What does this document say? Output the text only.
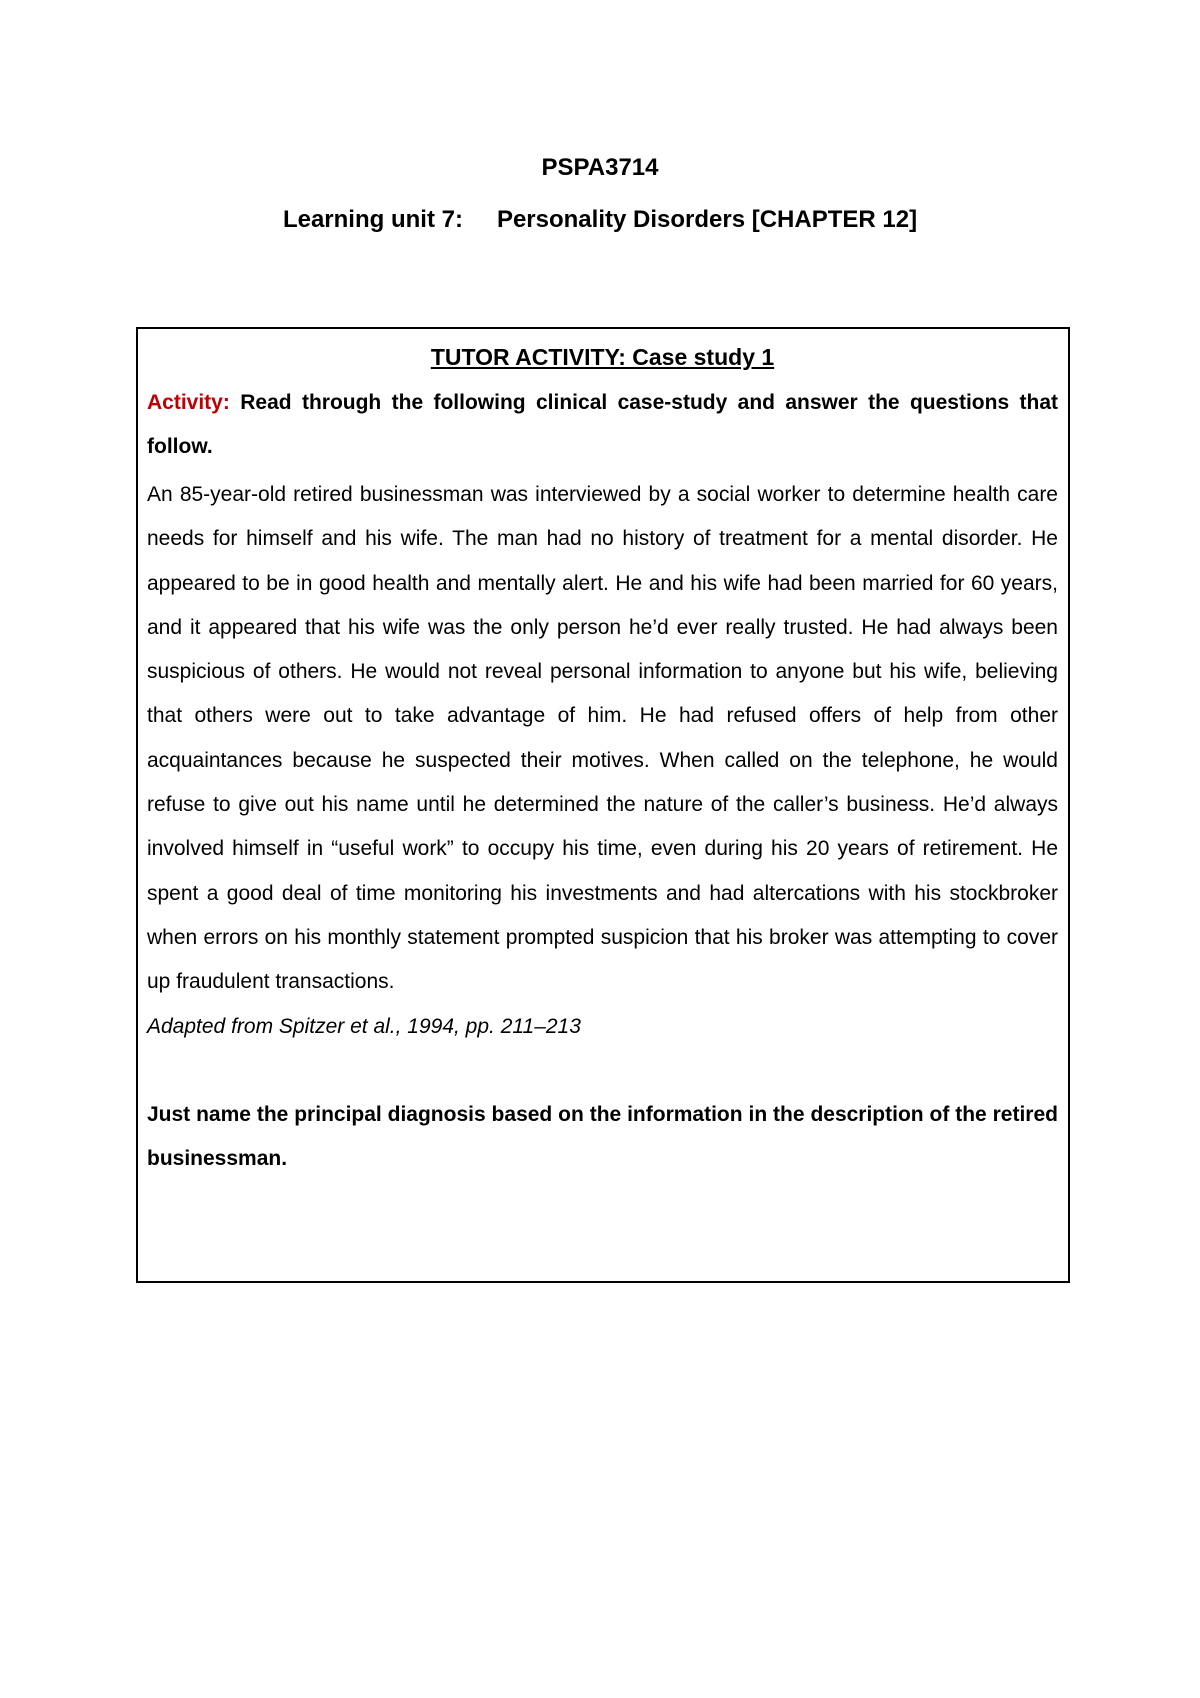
PSPA3714
Learning unit 7: Personality Disorders [CHAPTER 12]
TUTOR ACTIVITY: Case study 1

Activity: Read through the following clinical case-study and answer the questions that follow.

An 85-year-old retired businessman was interviewed by a social worker to determine health care needs for himself and his wife. The man had no history of treatment for a mental disorder. He appeared to be in good health and mentally alert. He and his wife had been married for 60 years, and it appeared that his wife was the only person he’d ever really trusted. He had always been suspicious of others. He would not reveal personal information to anyone but his wife, believing that others were out to take advantage of him. He had refused offers of help from other acquaintances because he suspected their motives. When called on the telephone, he would refuse to give out his name until he determined the nature of the caller’s business. He’d always involved himself in “useful work” to occupy his time, even during his 20 years of retirement. He spent a good deal of time monitoring his investments and had altercations with his stockbroker when errors on his monthly statement prompted suspicion that his broker was attempting to cover up fraudulent transactions.

Adapted from Spitzer et al., 1994, pp. 211–213

Just name the principal diagnosis based on the information in the description of the retired businessman.
